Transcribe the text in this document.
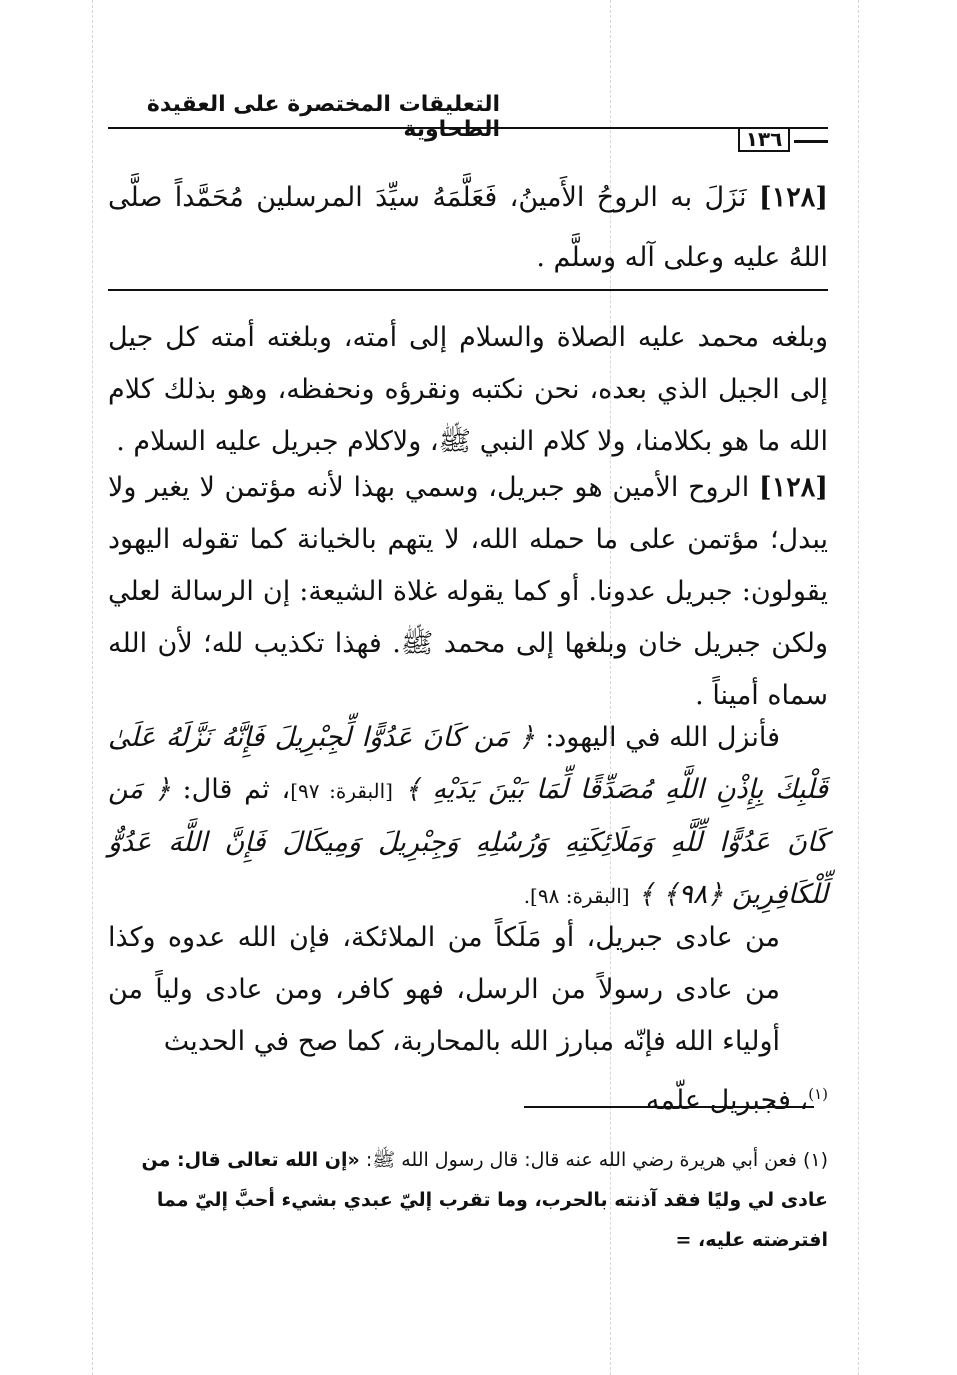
التعليقات المختصرة على العقيدة الطحاوية	١٣٦
[١٢٨] نَزَلَ به الروحُ الأَمينُ، فَعَلَّمَهُ سيِّدَ المرسلين مُحَمَّداً صلَّى اللهُ عليه وعلى آله وسلَّم .
وبلغه محمد عليه الصلاة والسلام إلى أمته، وبلغته أمته كل جيل إلى الجيل الذي بعده، نحن نكتبه ونقرؤه ونحفظه، وهو بذلك كلام الله ما هو بكلامنا، ولا كلام النبي ﷺ، ولاكلام جبريل عليه السلام .
[١٢٨] الروح الأمين هو جبريل، وسمي بهذا لأنه مؤتمن لا يغير ولا يبدل؛ مؤتمن على ما حمله الله، لا يتهم بالخيانة كما تقوله اليهود يقولون: جبريل عدونا. أو كما يقوله غلاة الشيعة: إن الرسالة لعلي ولكن جبريل خان وبلغها إلى محمد ﷺ. فهذا تكذيب لله؛ لأن الله سماه أميناً .
فأنزل الله في اليهود: ﴿ مَن كَانَ عَدُوًّا لِّجِبْرِيلَ فَإِنَّهُ نَزَّلَهُ عَلَىٰ قَلْبِكَ بِإِذْنِ اللَّهِ مُصَدِّقًا لِّمَا بَيْنَ يَدَيْهِ ﴾ [البقرة: ٩٧]، ثم قال: ﴿ مَن كَانَ عَدُوًّا لِّلَّهِ وَمَلَائِكَتِهِ وَرُسُلِهِ وَجِبْرِيلَ وَمِيكَالَ فَإِنَّ اللَّهَ عَدُوٌّ لِّلْكَافِرِينَ ﴿٩٨﴾ ﴾ [البقرة: ٩٨].
من عادى جبريل، أو مَلَكاً من الملائكة، فإن الله عدوه وكذا من عادى رسولاً من الرسل، فهو كافر، ومن عادى ولياً من أولياء الله فإنّه مبارز الله بالمحاربة، كما صح في الحديث$^{(١)}$، فجبريل علّمه
(١) فعن أبي هريرة رضي الله عنه قال: قال رسول الله ﷺ: «إن الله تعالى قال: من عادى لي وليًا فقد آذنته بالحرب، وما تقرب إليّ عبدي بشيء أحبَّ إليّ مما افترضته عليه، =
